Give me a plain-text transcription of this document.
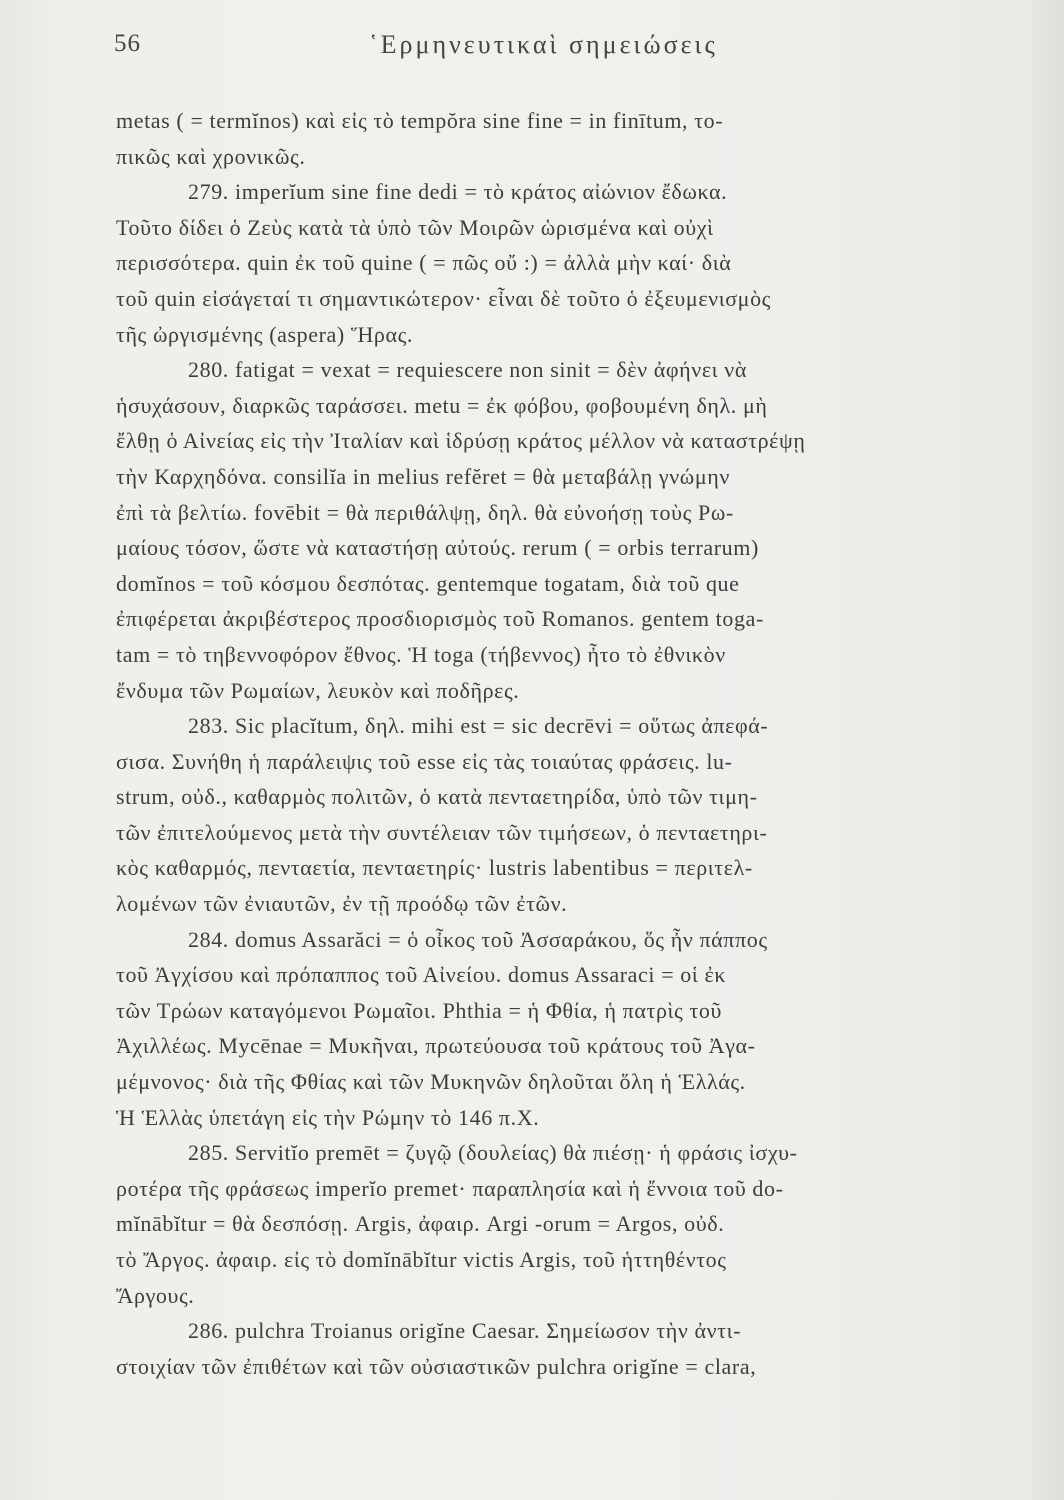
56	῾Ερμηνευτικαὶ σημειώσεις
metas ( = termĭnos) καὶ εἰς τὸ tempŏra sine fine = in finītum, το-
πικῶς καὶ χρονικῶς.
279. imperĭum sine fine dedi = τὸ κράτος αἰώνιον ἔδωκα.
Τοῦτο δίδει ὁ Ζεὺς κατὰ τὰ ὑπὸ τῶν Μοιρῶν ὡρισμένα καὶ οὐχὶ
περισσότερα. quin ἐκ τοῦ quine ( = πῶς οὔ :) = ἀλλὰ μὴν καί· διὰ
τοῦ quin εἰσάγεταί τι σημαντικώτερον· εἶναι δὲ τοῦτο ὁ ἐξευμενισμὸς
τῆς ὠργισμένης (aspera) Ἥρας.
280. fatigat = vexat = requiescere non sinit = δὲν ἀφήνει νὰ
ἡσυχάσουν, διαρκῶς ταράσσει. metu = ἐκ φόβου, φοβουμένη δηλ. μὴ
ἔλθῃ ὁ Αἰνείας εἰς τὴν Ἰταλίαν καὶ ἱδρύσῃ κράτος μέλλον νὰ καταστρέψῃ
τὴν Καρχηδόνα. consilĭa in melius refĕret = θὰ μεταβάλῃ γνώμην
ἐπὶ τὰ βελτίω. fovēbit = θὰ περιθάλψῃ, δηλ. θὰ εὐνοήσῃ τοὺς Ρω-
μαίους τόσον, ὥστε νὰ καταστήσῃ αὐτούς. rerum ( = orbis terrarum)
domĭnos = τοῦ κόσμου δεσπότας. gentemque togatam, διὰ τοῦ que
ἐπιφέρεται ἀκριβέστερος προσδιορισμὸς τοῦ Romanos. gentem toga-
tam = τὸ τηβεννοφόρον ἔθνος. Ἡ toga (τήβεννος) ἦτο τὸ ἐθνικὸν
ἔνδυμα τῶν Ρωμαίων, λευκὸν καὶ ποδῆρες.
283. Sic placĭtum, δηλ. mihi est = sic decrēvi = οὕτως ἀπεφά-
σισα. Συνήθη ἡ παράλειψις τοῦ esse εἰς τὰς τοιαύτας φράσεις. lu-
strum, οὐδ., καθαρμὸς πολιτῶν, ὁ κατὰ πενταετηρίδα, ὑπὸ τῶν τιμη-
τῶν ἐπιτελούμενος μετὰ τὴν συντέλειαν τῶν τιμήσεων, ὁ πενταετηρι-
κὸς καθαρμός, πενταετία, πενταετηρίς· lustris labentibus = περιτελ-
λομένων τῶν ἐνιαυτῶν, ἐν τῇ προόδῳ τῶν ἐτῶν.
284. domus Assarăci = ὁ οἶκος τοῦ Ἀσσαράκου, ὅς ἦν πάππος
τοῦ Ἀγχίσου καὶ πρόπαππος τοῦ Αἰνείου. domus Assaraci = οἱ ἐκ
τῶν Τρώων καταγόμενοι Ρωμαῖοι. Phthia = ἡ Φθία, ἡ πατρὶς τοῦ
Ἀχιλλέως. Mycēnae = Μυκῆναι, πρωτεύουσα τοῦ κράτους τοῦ Ἀγα-
μέμνονος· διὰ τῆς Φθίας καὶ τῶν Μυκηνῶν δηλοῦται ὅλη ἡ Ἑλλάς.
Ἡ Ἑλλὰς ὑπετάγη εἰς τὴν Ρώμην τὸ 146 π.Χ.
285. Servitĭo premēt = ζυγῷ (δουλείας) θὰ πιέσῃ· ἡ φράσις ἰσχυ-
ροτέρα τῆς φράσεως imperĭo premet· παραπλησία καὶ ἡ ἔννοια τοῦ do-
mĭnābĭtur = θὰ δεσπόσῃ. Argis, ἀφαιρ. Argi -orum = Argos, οὐδ.
τὸ Ἄργος. ἀφαιρ. εἰς τὸ domĭnābĭtur victis Argis, τοῦ ἡττηθέντος
Ἄργους.
286. pulchra Troianus origĭne Caesar. Σημείωσον τὴν ἀντι-
στοιχίαν τῶν ἐπιθέτων καὶ τῶν οὐσιαστικῶν pulchra origĭne = clara,
